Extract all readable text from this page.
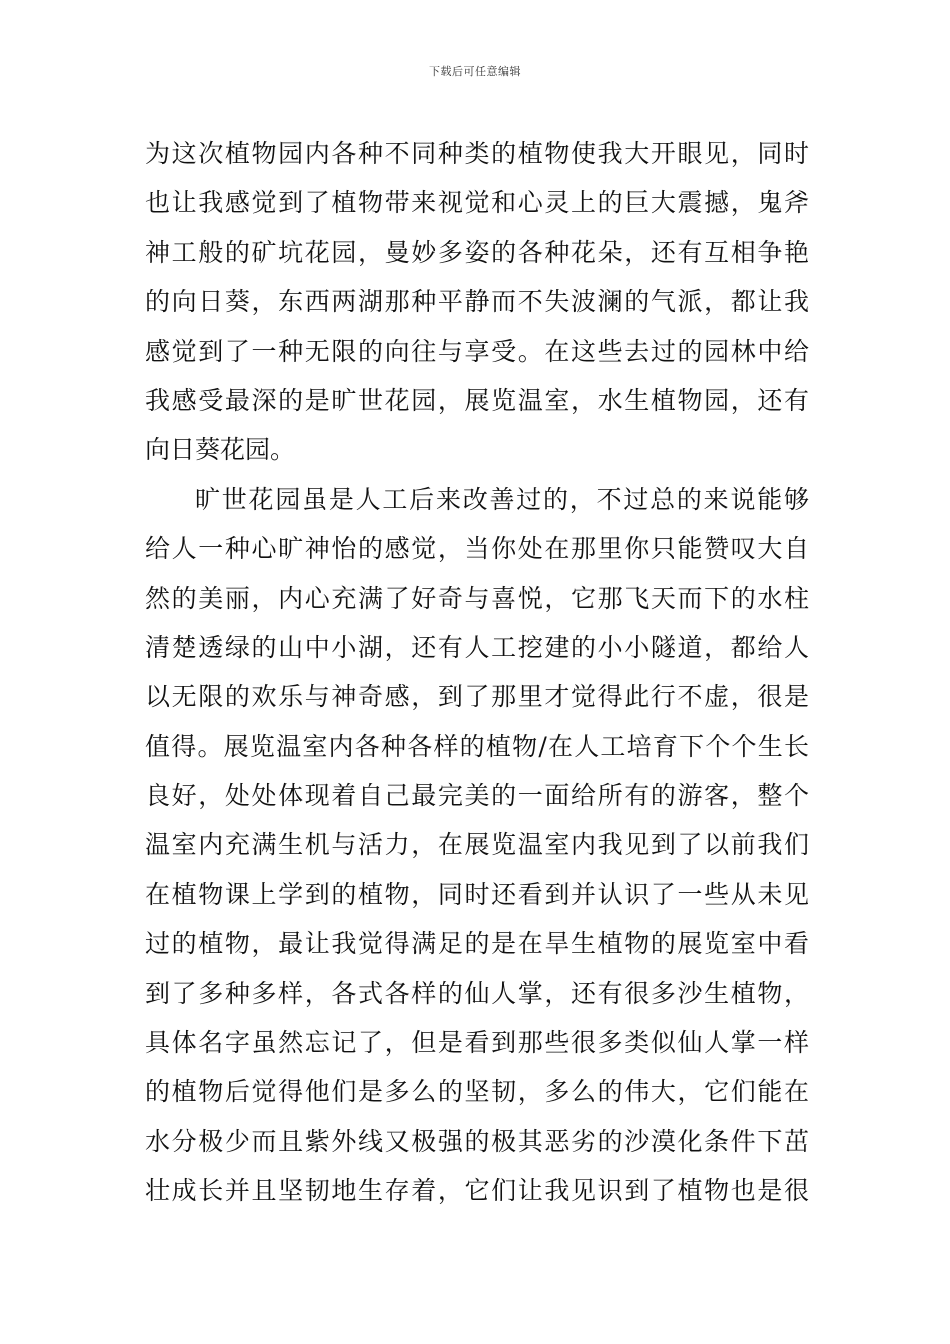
下载后可任意编辑
为这次植物园内各种不同种类的植物使我大开眼见，同时
也让我感觉到了植物带来视觉和心灵上的巨大震撼，鬼斧
神工般的矿坑花园，曼妙多姿的各种花朵，还有互相争艳
的向日葵，东西两湖那种平静而不失波澜的气派，都让我
感觉到了一种无限的向往与享受。在这些去过的园林中给
我感受最深的是旷世花园，展览温室，水生植物园，还有
向日葵花园。
旷世花园虽是人工后来改善过的，不过总的来说能够
给人一种心旷神怡的感觉，当你处在那里你只能赞叹大自
然的美丽，内心充满了好奇与喜悦，它那飞天而下的水柱
清楚透绿的山中小湖，还有人工挖建的小小隧道，都给人
以无限的欢乐与神奇感，到了那里才觉得此行不虚，很是
值得。展览温室内各种各样的植物/在人工培育下个个生长
良好，处处体现着自己最完美的一面给所有的游客，整个
温室内充满生机与活力，在展览温室内我见到了以前我们
在植物课上学到的植物，同时还看到并认识了一些从未见
过的植物，最让我觉得满足的是在旱生植物的展览室中看
到了多种多样，各式各样的仙人掌，还有很多沙生植物，
具体名字虽然忘记了，但是看到那些很多类似仙人掌一样
的植物后觉得他们是多么的坚韧，多么的伟大，它们能在
水分极少而且紫外线又极强的极其恶劣的沙漠化条件下茁
壮成长并且坚韧地生存着，它们让我见识到了植物也是很
